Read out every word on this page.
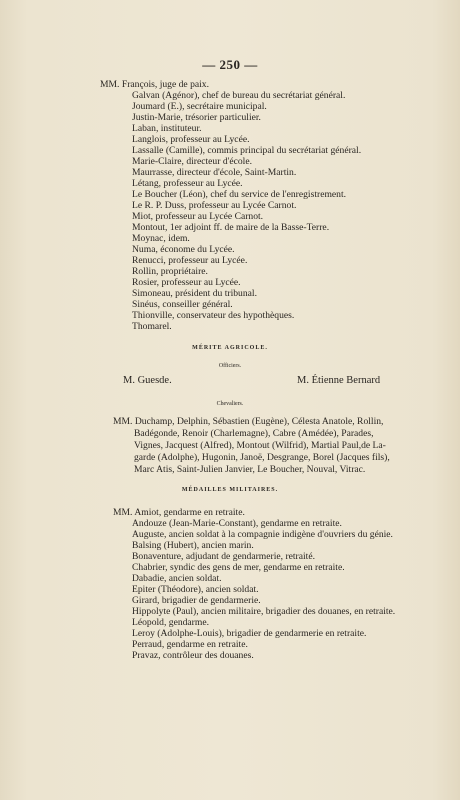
— 250 —
MM. François, juge de paix.
Galvan (Agénor), chef de bureau du secrétariat général.
Joumard (E.), secrétaire municipal.
Justin-Marie, trésorier particulier.
Laban, instituteur.
Langlois, professeur au Lycée.
Lassalle (Camille), commis principal du secrétariat général.
Marie-Claire, directeur d'école.
Maurrasse, directeur d'école, Saint-Martin.
Létang, professeur au Lycée.
Le Boucher (Léon), chef du service de l'enregistrement.
Le R. P. Duss, professeur au Lycée Carnot.
Miot, professeur au Lycée Carnot.
Montout, 1er adjoint ff. de maire de la Basse-Terre.
Moynac, idem.
Numa, économe du Lycée.
Renucci, professeur au Lycée.
Rollin, propriétaire.
Rosier, professeur au Lycée.
Simoneau, président du tribunal.
Sinéus, conseiller général.
Thionville, conservateur des hypothèques.
Thomarel.
MÉRITE AGRICOLE.
Officiers.
M. Guesde.	M. Étienne Bernard
Chevaliers.
MM. Duchamp, Delphin, Sébastien (Eugène), Célesta Anatole, Rollin,
Badégonde, Renoir (Charlemagne), Cabre (Amédée), Parades,
Vignes, Jacquest (Alfred), Montout (Wilfrid), Martial Paul,de La-
garde (Adolphe), Hugonin, Janoë, Desgrange, Borel (Jacques fils),
Marc Atis, Saint-Julien Janvier, Le Boucher, Nouval, Vitrac.
MÉDAILLES MILITAIRES.
MM. Amiot, gendarme en retraite.
Andouze (Jean-Marie-Constant), gendarme en retraite.
Auguste, ancien soldat à la compagnie indigène d'ouvriers du génie.
Balsing (Hubert), ancien marin.
Bonaventure, adjudant de gendarmerie, retraité.
Chabrier, syndic des gens de mer, gendarme en retraite.
Dabadie, ancien soldat.
Epiter (Théodore), ancien soldat.
Girard, brigadier de gendarmerie.
Hippolyte (Paul), ancien militaire, brigadier des douanes, en retraite.
Léopold, gendarme.
Leroy (Adolphe-Louis), brigadier de gendarmerie en retraite.
Perraud, gendarme en retraite.
Pravaz, contrôleur des douanes.
